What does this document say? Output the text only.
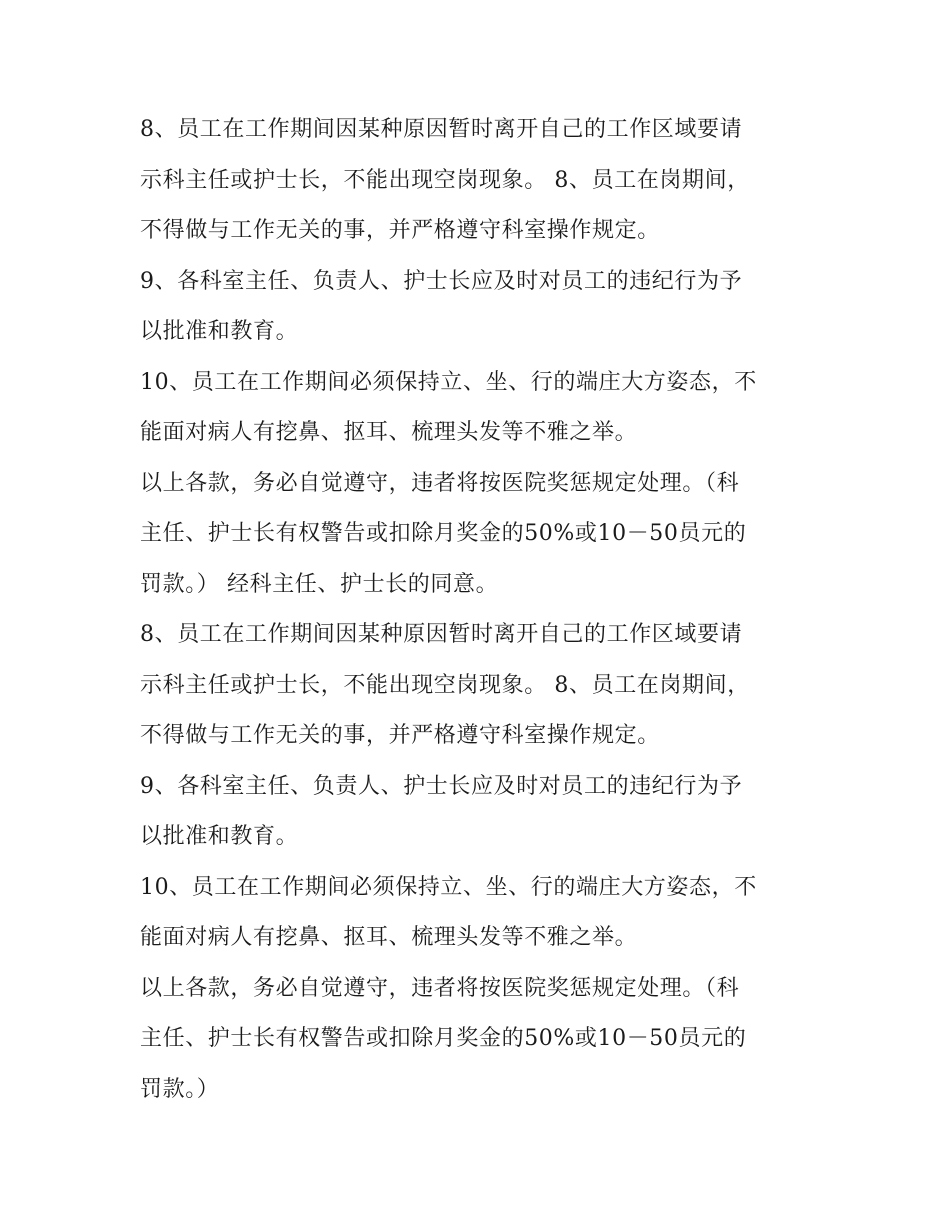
8、员工在工作期间因某种原因暂时离开自己的工作区域要请
示科主任或护士长，不能出现空岗现象。 8、员工在岗期间，
不得做与工作无关的事，并严格遵守科室操作规定。
9、各科室主任、负责人、护士长应及时对员工的违纪行为予
以批准和教育。
10、员工在工作期间必须保持立、坐、行的端庄大方姿态，不
能面对病人有挖鼻、抠耳、梳理头发等不雅之举。
以上各款，务必自觉遵守，违者将按医院奖惩规定处理。（科
主任、护士长有权警告或扣除月奖金的50%或10－50员元的
罚款。） 经科主任、护士长的同意。
8、员工在工作期间因某种原因暂时离开自己的工作区域要请
示科主任或护士长，不能出现空岗现象。 8、员工在岗期间，
不得做与工作无关的事，并严格遵守科室操作规定。
9、各科室主任、负责人、护士长应及时对员工的违纪行为予
以批准和教育。
10、员工在工作期间必须保持立、坐、行的端庄大方姿态，不
能面对病人有挖鼻、抠耳、梳理头发等不雅之举。
以上各款，务必自觉遵守，违者将按医院奖惩规定处理。（科
主任、护士长有权警告或扣除月奖金的50%或10－50员元的
罚款。）
